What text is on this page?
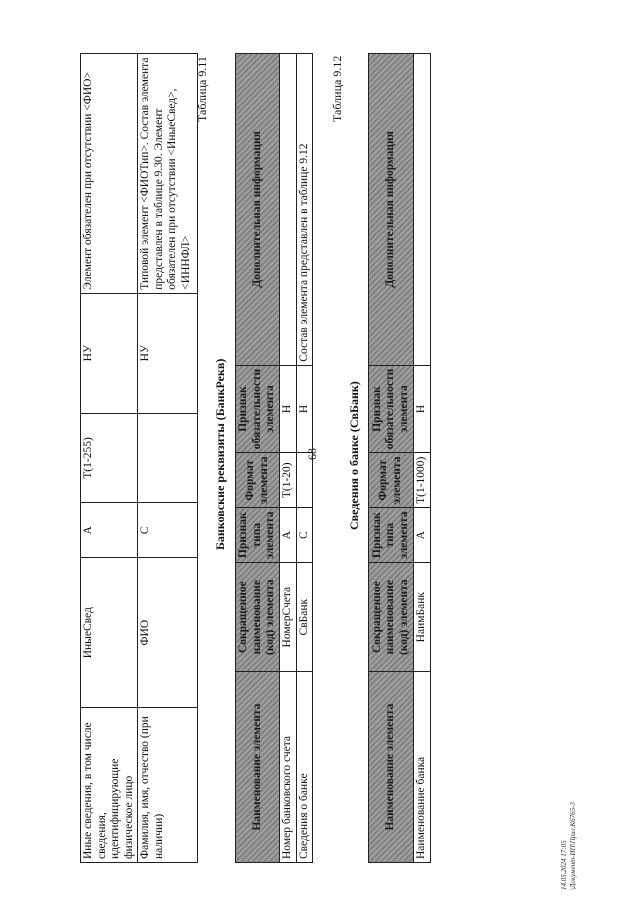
68
Иные сведения, в том числе сведения, идентифицирующие физическое лицо	ИныеСвед	А	Т(1-255)	НУ	Элемент обязателен при отсутствии <ФИО>
Фамилия, имя, отчество (при наличии)	ФИО	С		НУ	Типовой элемент <ФИОТип>. Состав элемента представлен в таблице 9.30. Элемент обязателен при отсутствии <ИныеСвед>, <ИННФЛ>
Таблица 9.11
Банковские реквизиты (БанкРекв)
Наименование элемента	Сокращенное наименование (код) элемента	Признак типа элемента	Формат элемента	Признак обязательности элемента	Дополнительная информация
Номер банковского счета	НомерСчета	А	Т(1-20)	Н	
Сведения о банке	СвБанк	С		Н	Состав элемента представлен в таблице 9.12
Таблица 9.12
Сведения о банке (СвБанк)
Наименование элемента	Сокращенное наименование (код) элемента	Признак типа элемента	Формат элемента	Признак обязательности элемента	Дополнительная информация
Наименование банка	НаимБанк	А	Т(1-1000)	Н	
14.05.2024 17:05 \Документ-ИП\Прил.К6765-3
